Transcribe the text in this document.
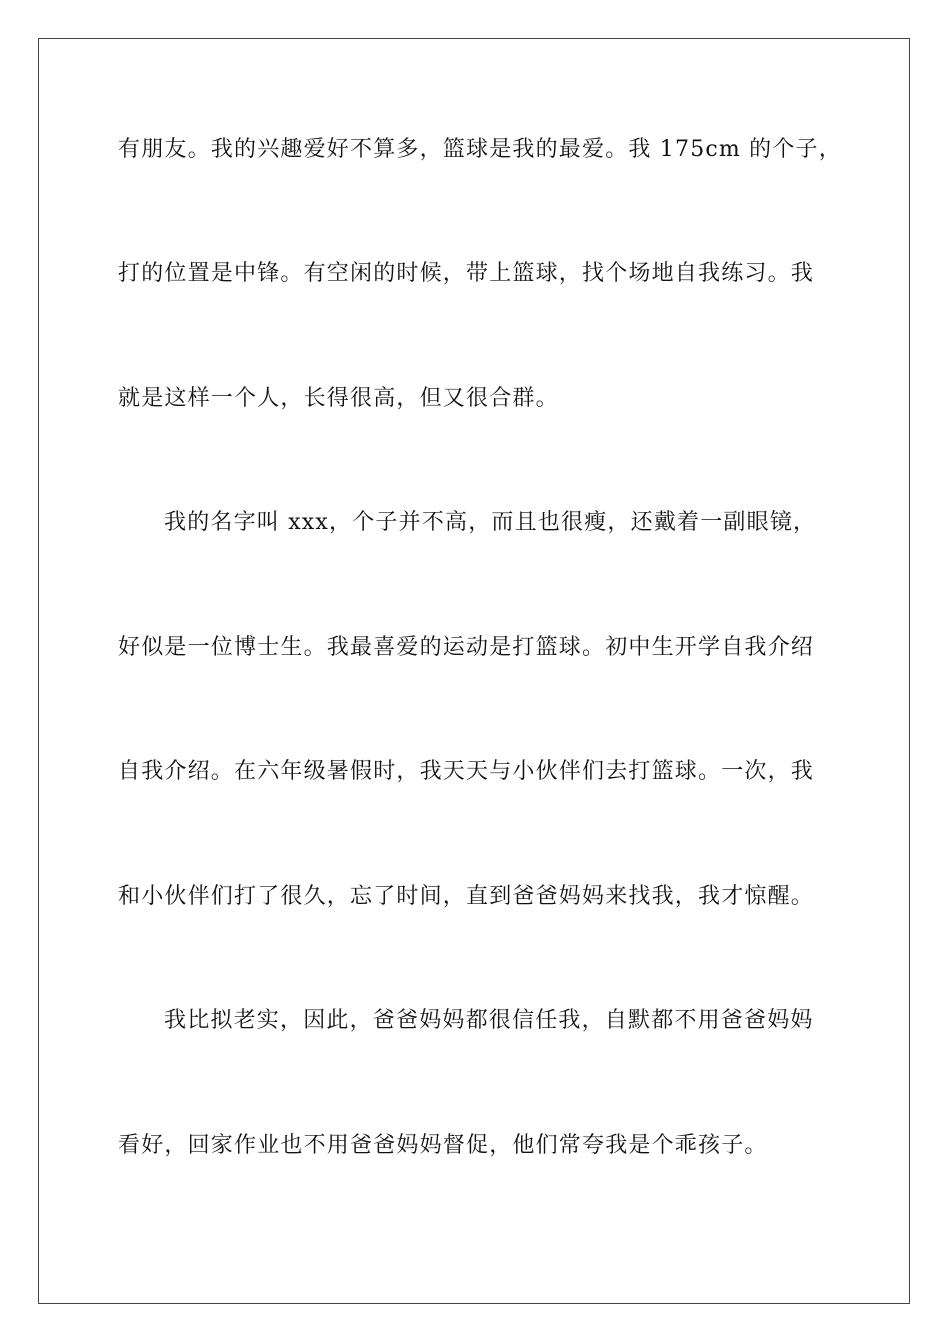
有朋友。我的兴趣爱好不算多，篮球是我的最爱。我 175cm 的个子，
打的位置是中锋。有空闲的时候，带上篮球，找个场地自我练习。我
就是这样一个人，长得很高，但又很合群。
我的名字叫 xxx，个子并不高，而且也很瘦，还戴着一副眼镜，
好似是一位博士生。我最喜爱的运动是打篮球。初中生开学自我介绍
自我介绍。在六年级暑假时，我天天与小伙伴们去打篮球。一次，我
和小伙伴们打了很久，忘了时间，直到爸爸妈妈来找我，我才惊醒。
我比拟老实，因此，爸爸妈妈都很信任我，自默都不用爸爸妈妈
看好，回家作业也不用爸爸妈妈督促，他们常夸我是个乖孩子。
